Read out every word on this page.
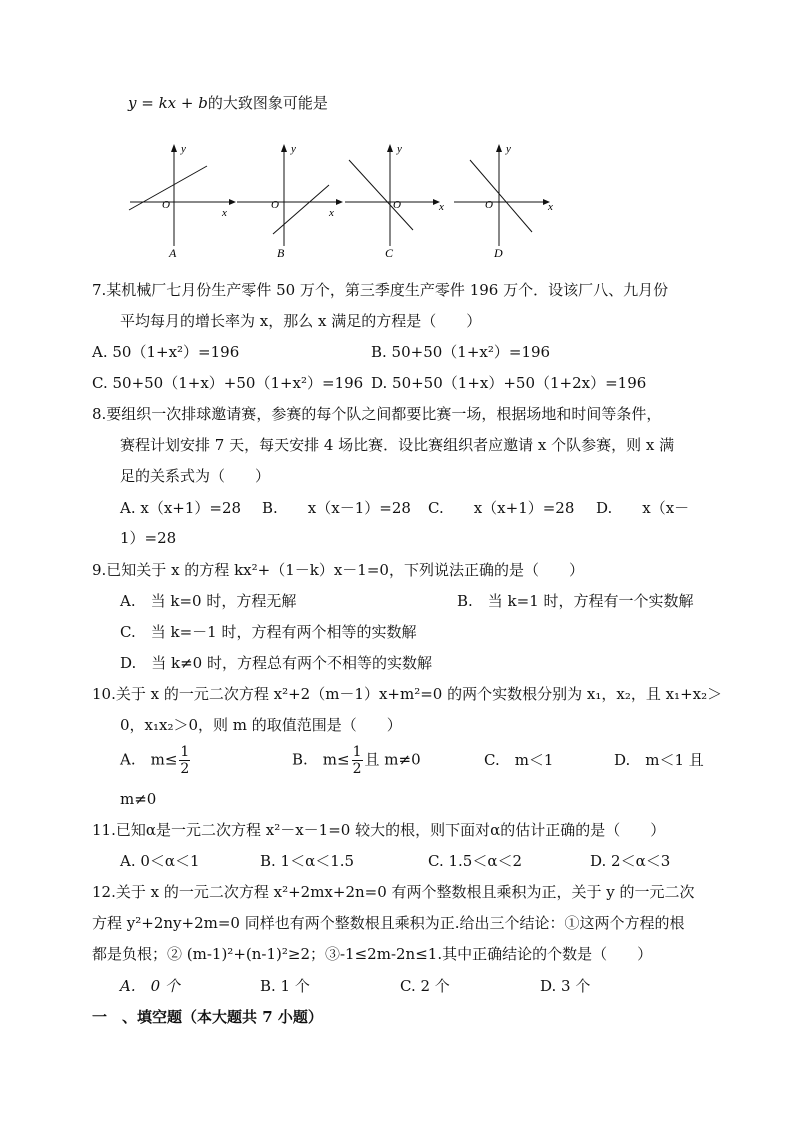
y = kx + b的大致图象可能是
y
x
O
A
y
x
O
B
y
x
O
C
y
x
O
D
7.某机械厂七月份生产零件 50 万个，第三季度生产零件 196 万个．设该厂八、九月份
平均每月的增长率为 x，那么 x 满足的方程是（　　）
A. 50（1+x²）=196	B. 50+50（1+x²）=196
C. 50+50（1+x）+50（1+x²）=196 D. 50+50（1+x）+50（1+2x）=196
8.要组织一次排球邀请赛，参赛的每个队之间都要比赛一场，根据场地和时间等条件，
赛程计划安排 7 天，每天安排 4 场比赛．设比赛组织者应邀请 x 个队参赛，则 x 满
足的关系式为（　　）
A. x（x+1）=28 B.　　x（x－1）=28 C.　　x（x+1）=28 D.　　x（x－
1）=28
9.已知关于 x 的方程 kx²+（1－k）x－1=0，下列说法正确的是（　　）
A.　当 k=0 时，方程无解	B.　当 k=1 时，方程有一个实数解
C.　当 k=－1 时，方程有两个相等的实数解
D.　当 k≠0 时，方程总有两个不相等的实数解
10.关于 x 的一元二次方程 x²+2（m－1）x+m²=0 的两个实数根分别为 x₁，x₂，且 x₁+x₂＞
0，x₁x₂＞0，则 m 的取值范围是（　　）
A.　$m\le \frac{1}{2}$	B.　$m\le \frac{1}{2}$ 且 m≠0	C.　m＜1	D.　m＜1 且
m≠0
11.已知α是一元二次方程 x²－x－1=0 较大的根，则下面对α的估计正确的是（　　）
A. 0＜α＜1	B. 1＜α＜1.5	C. 1.5＜α＜2	D. 2＜α＜3
12.关于 x 的一元二次方程 x²+2mx+2n=0 有两个整数根且乘积为正，关于 y 的一元二次
方程 y²+2ny+2m=0 同样也有两个整数根且乘积为正.给出三个结论：①这两个方程的根
都是负根；② (m-1)²+(n-1)²≥2；③-1≤2m-2n≤1.其中正确结论的个数是（　　）
A.　0 个	B. 1 个	C. 2 个	D. 3 个
一　、填空题（本大题共 7 小题）
